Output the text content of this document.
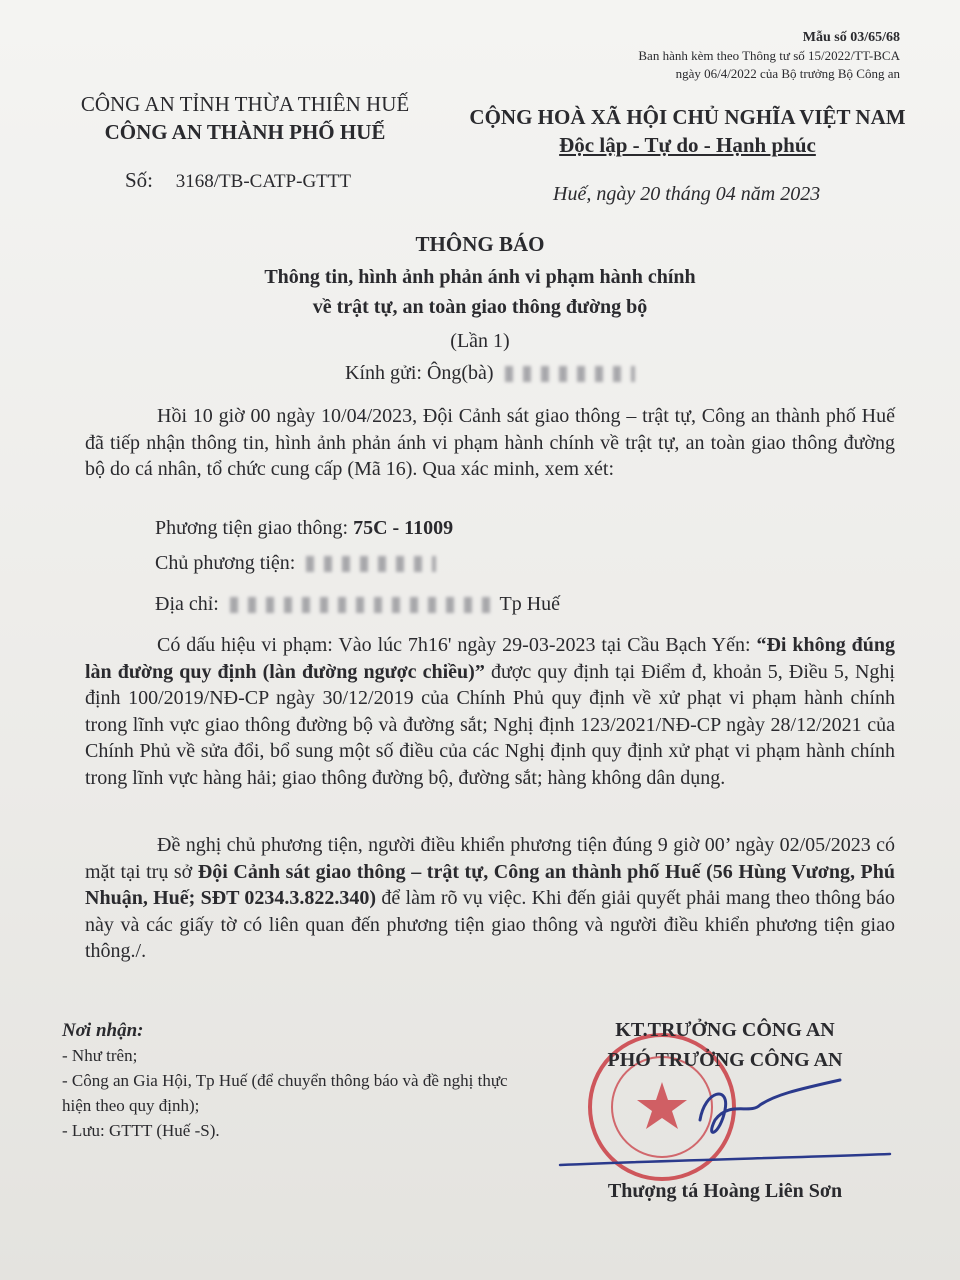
Mẫu số 03/65/68
Ban hành kèm theo Thông tư số 15/2022/TT-BCA
ngày 06/4/2022 của Bộ trưởng Bộ Công an
CÔNG AN TỈNH THỪA THIÊN HUẾ
CÔNG AN THÀNH PHỐ HUẾ
CỘNG HOÀ XÃ HỘI CHỦ NGHĨA VIỆT NAM
Độc lập - Tự do - Hạnh phúc
Số: 3168/TB-CATP-GTTT
Huế, ngày 20 tháng 04 năm 2023
THÔNG BÁO
Thông tin, hình ảnh phản ánh vi phạm hành chính
về trật tự, an toàn giao thông đường bộ
(Lần 1)
Kính gửi: Ông(bà)
Hồi 10 giờ 00 ngày 10/04/2023, Đội Cảnh sát giao thông – trật tự, Công an thành phố Huế đã tiếp nhận thông tin, hình ảnh phản ánh vi phạm hành chính về trật tự, an toàn giao thông đường bộ do cá nhân, tổ chức cung cấp (Mã 16). Qua xác minh, xem xét:
Phương tiện giao thông: 75C - 11009
Chủ phương tiện:
Địa chỉ:	Tp Huế
Có dấu hiệu vi phạm: Vào lúc 7h16' ngày 29-03-2023 tại Cầu Bạch Yến: “Đi không đúng làn đường quy định (làn đường ngược chiều)” được quy định tại Điểm đ, khoản 5, Điều 5, Nghị định 100/2019/NĐ-CP ngày 30/12/2019 của Chính Phủ quy định về xử phạt vi phạm hành chính trong lĩnh vực giao thông đường bộ và đường sắt; Nghị định 123/2021/NĐ-CP ngày 28/12/2021 của Chính Phủ về sửa đổi, bổ sung một số điều của các Nghị định quy định xử phạt vi phạm hành chính trong lĩnh vực hàng hải; giao thông đường bộ, đường sắt; hàng không dân dụng.
Đề nghị chủ phương tiện, người điều khiển phương tiện đúng 9 giờ 00’ ngày 02/05/2023 có mặt tại trụ sở Đội Cảnh sát giao thông – trật tự, Công an thành phố Huế (56 Hùng Vương, Phú Nhuận, Huế; SĐT 0234.3.822.340) để làm rõ vụ việc. Khi đến giải quyết phải mang theo thông báo này và các giấy tờ có liên quan đến phương tiện giao thông và người điều khiển phương tiện giao thông./.
Nơi nhận:
- Như trên;
- Công an Gia Hội, Tp Huế (để chuyển thông báo và đề nghị thực hiện theo quy định);
- Lưu: GTTT (Huế -S).
KT.TRƯỞNG CÔNG AN
PHÓ TRƯỞNG CÔNG AN
Thượng tá Hoàng Liên Sơn
